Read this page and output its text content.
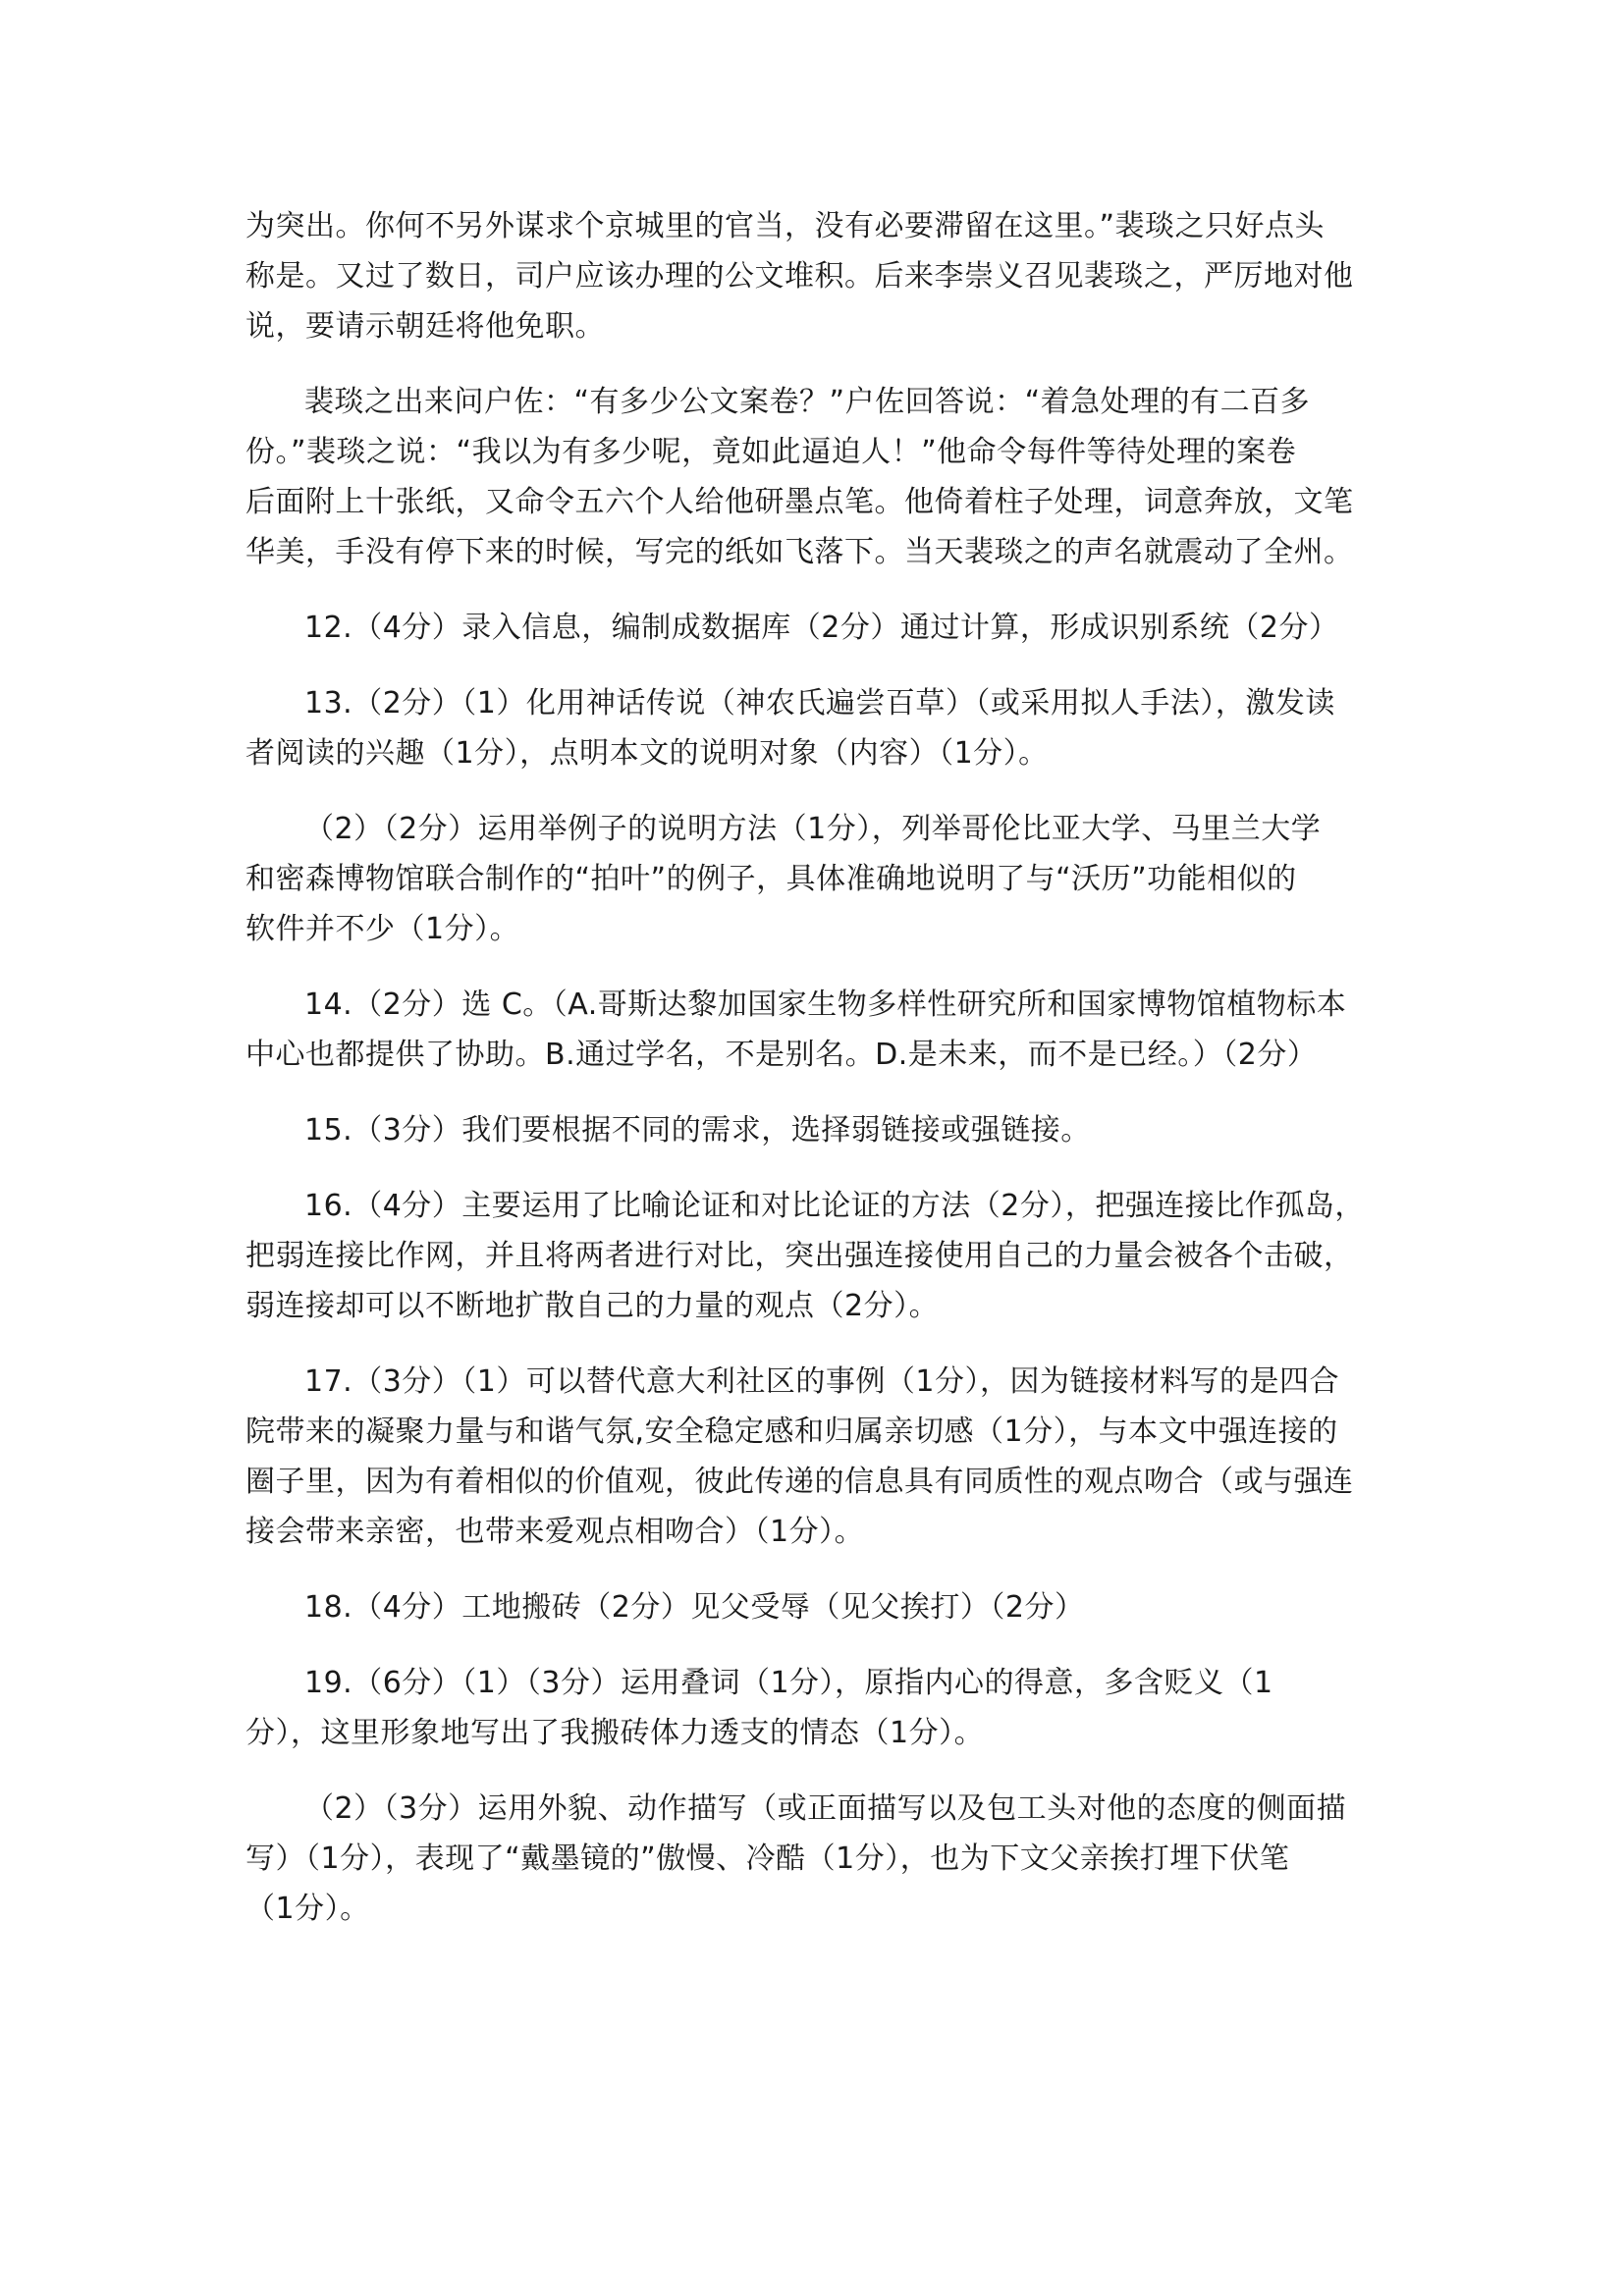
为突出。你何不另外谋求个京城里的官当，没有必要滞留在这里。”裴琰之只好点头
称是。又过了数日，司户应该办理的公文堆积。后来李崇义召见裴琰之，严厉地对他
说，要请示朝廷将他免职。
裴琰之出来问户佐：“有多少公文案卷？”户佐回答说：“着急处理的有二百多
份。”裴琰之说：“我以为有多少呢，竟如此逼迫人！”他命令每件等待处理的案卷
后面附上十张纸，又命令五六个人给他研墨点笔。他倚着柱子处理，词意奔放，文笔
华美，手没有停下来的时候，写完的纸如飞落下。当天裴琰之的声名就震动了全州。
12.（4分）录入信息，编制成数据库（2分）通过计算，形成识别系统（2分）
13.（2分）（1）化用神话传说（神农氏遍尝百草）（或采用拟人手法），激发读
者阅读的兴趣（1分），点明本文的说明对象（内容）（1分）。
（2）（2分）运用举例子的说明方法（1分），列举哥伦比亚大学、马里兰大学
和密森博物馆联合制作的“拍叶”的例子，具体准确地说明了与“沃历”功能相似的
软件并不少（1分）。
14.（2分）选 C。（A.哥斯达黎加国家生物多样性研究所和国家博物馆植物标本
中心也都提供了协助。B.通过学名，不是别名。D.是未来，而不是已经。）（2分）
15.（3分）我们要根据不同的需求，选择弱链接或强链接。
16.（4分）主要运用了比喻论证和对比论证的方法（2分），把强连接比作孤岛，
把弱连接比作网，并且将两者进行对比，突出强连接使用自己的力量会被各个击破，
弱连接却可以不断地扩散自己的力量的观点（2分）。
17.（3分）（1）可以替代意大利社区的事例（1分），因为链接材料写的是四合
院带来的凝聚力量与和谐气氛,安全稳定感和归属亲切感（1分），与本文中强连接的
圈子里，因为有着相似的价值观，彼此传递的信息具有同质性的观点吻合（或与强连
接会带来亲密，也带来爱观点相吻合）（1分）。
18.（4分）工地搬砖（2分）见父受辱（见父挨打）（2分）
19.（6分）（1）（3分）运用叠词（1分），原指内心的得意，多含贬义（1
分），这里形象地写出了我搬砖体力透支的情态（1分）。
（2）（3分）运用外貌、动作描写（或正面描写以及包工头对他的态度的侧面描
写）（1分），表现了“戴墨镜的”傲慢、冷酷（1分），也为下文父亲挨打埋下伏笔
（1分）。
